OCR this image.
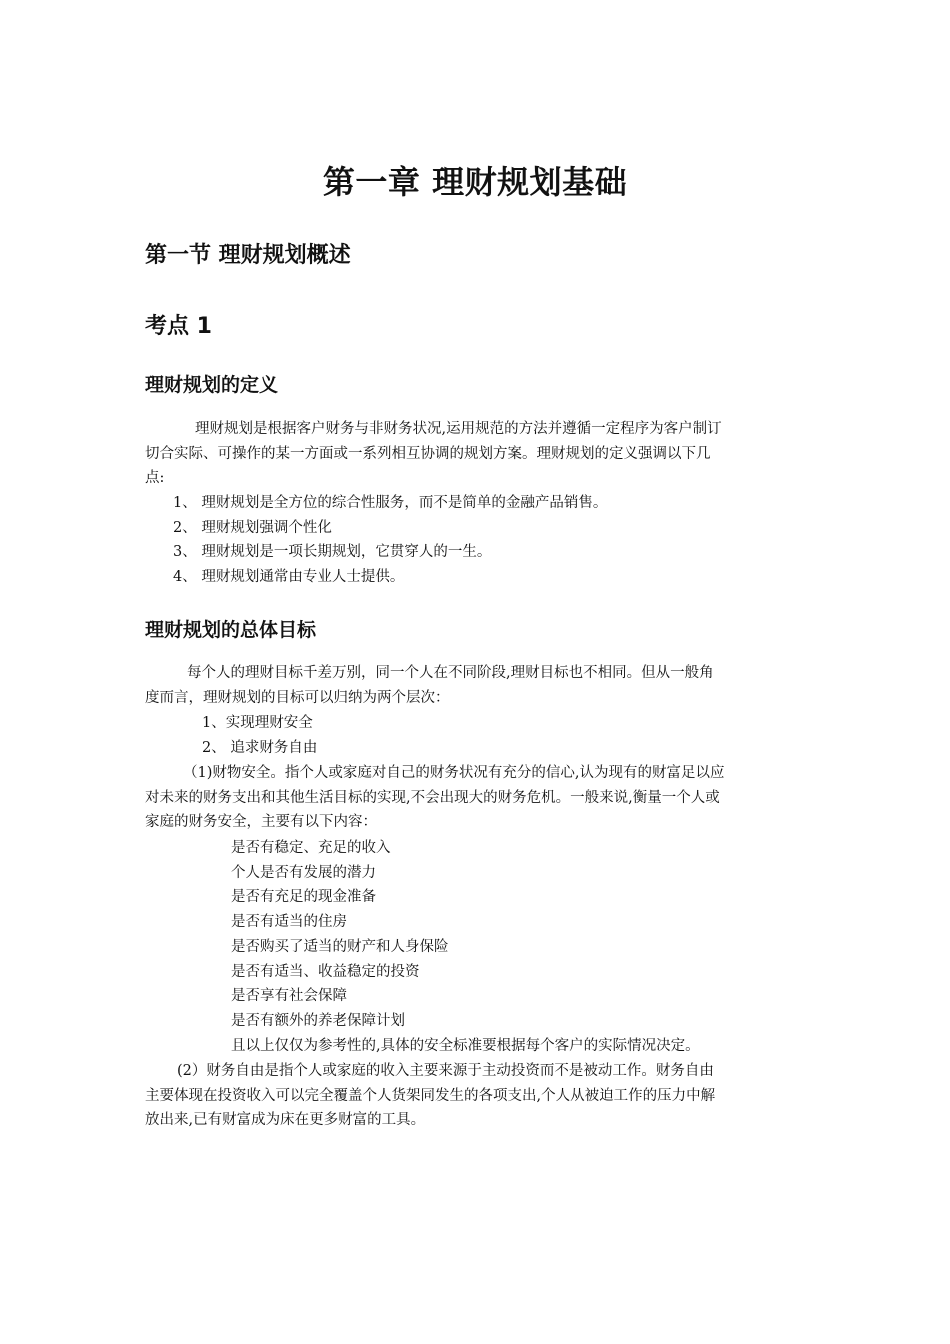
第一章 理财规划基础
第一节 理财规划概述
考点 1
理财规划的定义

理财规划是根据客户财务与非财务状况,运用规范的方法并遵循一定程序为客户制订

切合实际、可操作的某一方面或一系列相互协调的规划方案。理财规划的定义强调以下几

点:

1、 理财规划是全方位的综合性服务，而不是简单的金融产品销售。
2、 理财规划强调个性化
3、 理财规划是一项长期规划，它贯穿人的一生。
4、 理财规划通常由专业人士提供。
理财规划的总体目标

每个人的理财目标千差万别，同一个人在不同阶段,理财目标也不相同。但从一般角

度而言，理财规划的目标可以归纳为两个层次：

1、实现理财安全
2、 追求财务自由

（1)财物安全。指个人或家庭对自己的财务状况有充分的信心,认为现有的财富足以应

对未来的财务支出和其他生活目标的实现,不会出现大的财务危机。一般来说,衡量一个人或

家庭的财务安全，主要有以下内容：

是否有稳定、充足的收入
个人是否有发展的潜力
是否有充足的现金准备
是否有适当的住房
是否购买了适当的财产和人身保险
是否有适当、收益稳定的投资
是否享有社会保障
是否有额外的养老保障计划
且以上仅仅为参考性的,具体的安全标准要根据每个客户的实际情况决定。

(2）财务自由是指个人或家庭的收入主要来源于主动投资而不是被动工作。财务自由

主要体现在投资收入可以完全覆盖个人货架同发生的各项支出,个人从被迫工作的压力中解

放出来,已有财富成为床在更多财富的工具。
